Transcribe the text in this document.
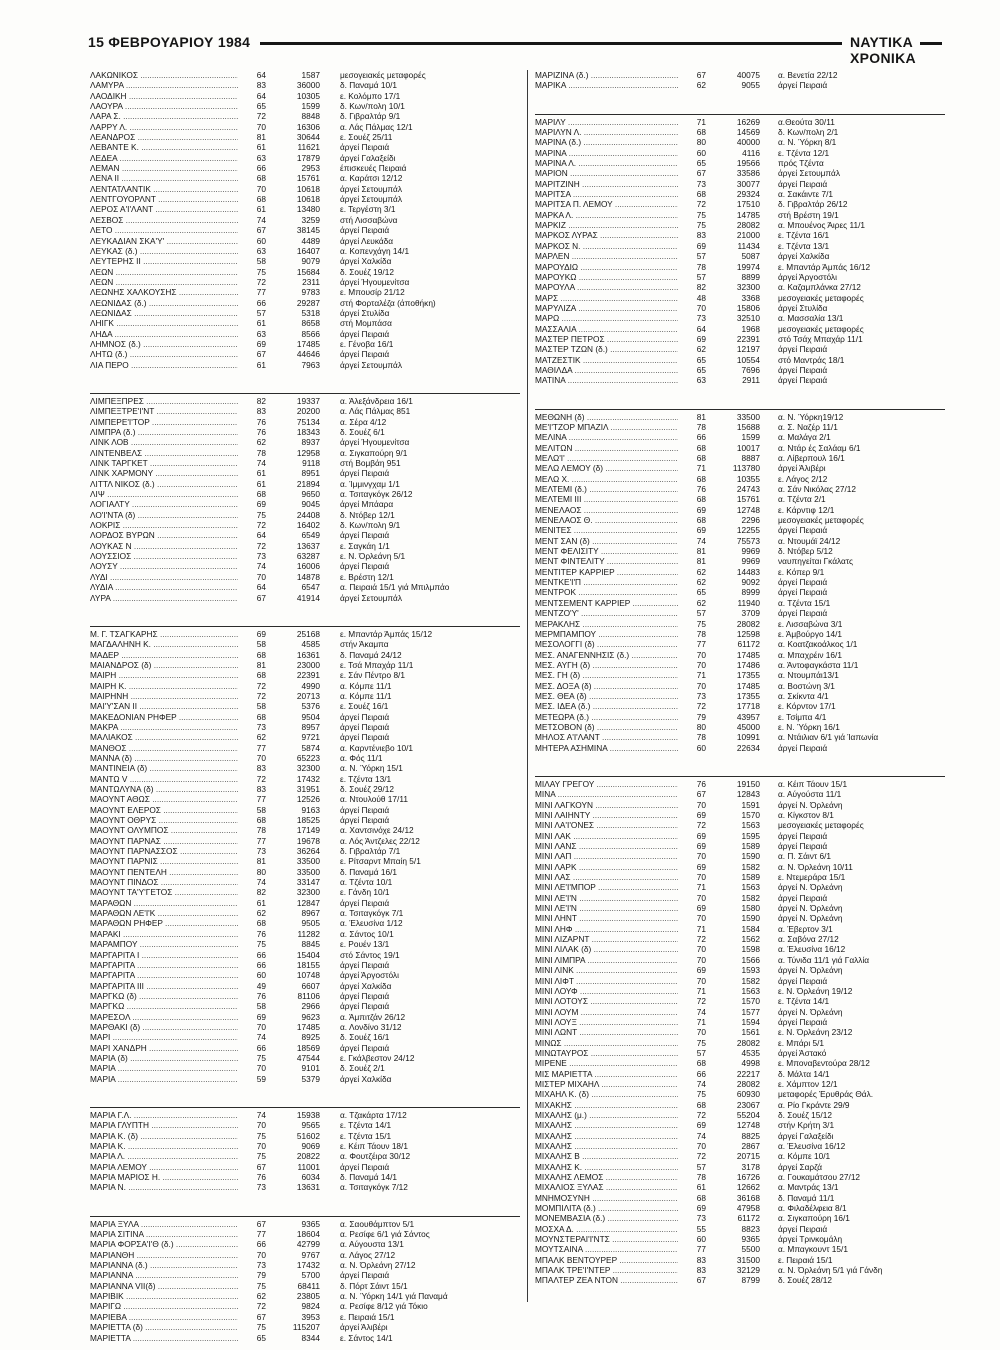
15 ΦΕΒΡΟΥΑΡΙΟΥ 1984	ΝΑΥΤΙΚΑ ΧΡΟΝΙΚΑ
ΛΑΚΩΝΙΚΟΣ .....	64	1587	μεσογειακές μεταφορές
ΛΑΜΥΡΑ .....	83	36000	δ. Παναμά 10/1
ΛΑΟΔΙΚΗ .....	64	10305	ε. Κολόμπο 17/1
ΛΑΟΥΡΑ .....	65	1599	δ. Κων/πολη 10/1
ΛΑΡΑ Σ. .....	72	8848	δ. Γιβραλτάρ 9/1
ΛΑΡΡΥ Λ. .....	70	16306	α. Λάς Πάλμας 12/1
ΛΕΑΝΔΡΟΣ .....	81	30644	ε. Σουέζ 25/11
ΛΕΒΑΝΤΕ Κ. .....	61	11621	άργεί Πειραιά
ΛΕΔΕΑ .....	63	17879	άργεί Γαλαξείδι
ΛΕΜΑΝ .....	66	2953	έπισκευές Πειραιά
ΛΕΝΑ ΙΙ .....	68	15761	α. Καράτσι 12/12
ΛΕΝΤΑΤΛΑΝΤΙΚ .....	70	10618	άργεί Σετουμπάλ
ΛΕΝΤΓΟΥΟΡΛΝΤ .....	68	10618	άργεί Σετουμπάλ
ΛΕΡΟΣ Α'Ι'ΛΑΝΤ .....	61	13480	ε. Τεργέστη 3/1
ΛΕΣΒΟΣ .....	74	3259	στή Λισσαβώνα
ΛΕΤΟ .....	67	38145	άργεί Πειραιά
ΛΕΥΚΑΔΙΑΝ ΣΚΑ'Υ' .....	60	4489	άργεί Λευκάδα
ΛΕΥΚΑΣ (δ.) .....	63	16407	α. Κοπενχάγη 14/1
ΛΕΥΤΕΡΗΣ ΙΙ .....	58	9079	άργεί Χαλκίδα
ΛΕΩΝ .....	75	15684	δ. Σουέζ 19/12
ΛΕΩΝ .....	72	2311	άργεί Ήγουμενίτσα
ΛΕΩΝΗΣ ΧΑΛΚΟΥΣΗΣ .....	77	9783	ε. Μπουσίρ 21/12
ΛΕΩΝΙΔΑΣ (δ.) .....	66	29287	στή Φορταλέζα (άποθήκη)
ΛΕΩΝΙΔΑΣ .....	57	5318	άργεί Στυλίδα
ΛΗΙΓΚ .....	61	8658	στή Μομπάσα
ΛΗΔΑ .....	63	8566	άργεί Πειραιά
ΛΗΜΝΟΣ (δ.) .....	69	17485	ε. Γένοβα 16/1
ΛΗΤΩ (δ.) .....	67	44646	άργεί Πειραιά
ΛΙΑ ΠΕΡΟ .....	61	7963	άργεί Σετουμπάλ
ΛΙΜΠΕΞΠΡΕΣ .....	82	19337	α. Άλεξάνδρεια 16/1
ΛΙΜΠΕΞΤΡΕ'Ι'ΝΤ .....	83	20200	α. Λάς Πάλμας 851
ΛΙΜΠΕΡΕ'Ι'ΤΟΡ .....	76	75134	α. Σέρα 4/12
ΛΙΜΠΡΑ (δ.) .....	76	18343	δ. Σουέζ 6/1
ΛΙΝΚ ΛΟΒ .....	62	8937	άργεί Ήγουμενίτσα
ΛΙΝΤΕΝΒΕΛΣ .....	78	12958	α. Σιγκαπούρη 9/1
ΛΙΝΚ ΤΑΡΓΚΕΤ .....	74	9118	στή Βομβάη 951
ΛΙΝΚ ΧΑΡΜΟΝΥ .....	61	8951	άργεί Πειραιά
ΛΙΤΤΛ ΝΙΚΟΣ (δ.) .....	61	21894	α. Ίμμινγχαμ 1/1
ΛΙΨ .....	68	9650	α. Τσιταγκόγκ 26/12
ΛΟΓΙΑΛΤΥ .....	69	9045	άργεί Μπάαρα
ΛΟ'Ι'ΝΤΑ (δ) .....	75	24408	δ. Ντόβερ 12/1
ΛΟΚΡΙΣ .....	72	16402	δ. Κων/πολη 9/1
ΛΟΡΔΟΣ ΒΥΡΩΝ .....	64	6549	άργεί Πειραιά
ΛΟΥΚΑΣ Ν .....	72	13637	ε. Σαγκάη 1/1
ΛΟΥΣΣΙΟΣ .....	73	63287	ε. Ν. Όρλεάνη 5/1
ΛΟΥΣΥ .....	74	16006	άργεί Πειραιά
ΛΥΔΙ .....	70	14878	ε. Βρέστη 12/1
ΛΥΔΙΑ .....	64	6547	α. Πειραιά 15/1 γιά Μπιλμπάο
ΛΥΡΑ .....	67	41914	άργεί Σετουμπάλ
Μ. Γ. ΤΣΑΓΚΑΡΗΣ .....	69	25168	ε. Μπαντάρ Άμπάς 15/12
ΜΑΓΔΑΛΗΝΗ Κ. .....	58	4585	στήν Άκαμπα
ΜΑΔΕΡ .....	68	16361	δ. Παναμά 24/12
ΜΑΙΑΝΔΡΟΣ (δ) .....	81	23000	ε. Τσά Μπαχάρ 11/1
ΜΑΙΡΗ .....	68	22391	ε. Σάν Πέντρο 8/1
ΜΑΙΡΗ Κ. .....	72	4990	α. Κόμπε 11/1
ΜΑΙΡΗΝΗ .....	72	20713	α. Κόμπε 11/1
ΜΑΙ'Υ'ΣΑΝ ΙΙ .....	58	5376	ε. Σουέζ 16/1
ΜΑΚΕΔΟΝΙΑΝ ΡΗΦΕΡ .....	68	9504	άργεί Πειραιά
ΜΑΚΡΑ .....	73	8957	άργεί Πειραιά
ΜΑΛΙΑΚΟΣ .....	62	9721	άργεί Πειραιά
ΜΑΝΘΟΣ .....	77	5874	α. Καρντένιεβο 10/1
ΜΑΝΝΑ (δ) .....	70	65223	α. Φός 11/1
ΜΑΝΤΙΝΕΙΑ (δ) .....	83	32300	α. Ν. Ύόρκη 15/1
ΜΑΝΤΩ V .....	72	17432	ε. Τζέντα 13/1
ΜΑΝΤΩΛΥΝΑ (δ) .....	83	31951	δ. Σουέζ 29/12
ΜΑΟΥΝΤ ΑΘΩΣ .....	77	12526	α. Ντουλούθ 17/11
ΜΑΟΥΝΤ ΕΛΕΡΟΣ .....	58	9163	άργεί Πειραιά
ΜΑΟΥΝΤ ΟΘΡΥΣ .....	68	18525	άργεί Πειραιά
ΜΑΟΥΝΤ ΟΛΥΜΠΟΣ .....	78	17149	α. Χαντσινόχε 24/12
ΜΑΟΥΝΤ ΠΑΡΝΑΣ .....	77	19678	α. Λός Άντζελες 22/12
ΜΑΟΥΝΤ ΠΑΡΝΑΣΣΟΣ .....	73	36264	δ. Γιβραλτάρ 7/1
ΜΑΟΥΝΤ ΠΑΡΝΙΣ .....	81	33500	ε. Ρίτσαρντ Μπαίη 5/1
ΜΑΟΥΝΤ ΠΕΝΤΕΛΗ .....	80	33500	δ. Παναμά 16/1
ΜΑΟΥΝΤ ΠΙΝΔΟΣ .....	74	33147	α. Τζέντα 10/1
ΜΑΟΥΝΤ ΤΑ'Υ'ΓΕΤΟΣ .....	82	32300	ε. Γάνδη 10/1
ΜΑΡΑΘΩΝ .....	61	12847	άργεί Πειραιά
ΜΑΡΑΘΩΝ ΛΕ'Ι'Κ .....	62	8967	α. Τσιταγκόγκ 7/1
ΜΑΡΑΘΩΝ ΡΗΦΕΡ .....	68	9505	α. Έλευσίνα 1/12
ΜΑΡΑΚΙ .....	76	11282	α. Σάντος 10/1
ΜΑΡΑΜΠΟΥ .....	75	8845	ε. Ρουέν 13/1
ΜΑΡΓΑΡΙΤΑ Ι .....	66	15404	στό Σάντος 19/1
ΜΑΡΓΑΡΙΤΑ .....	66	18155	άργεί Πειραιά
ΜΑΡΓΑΡΙΤΑ .....	60	10748	άργεί Άργοστόλι
ΜΑΡΓΑΡΙΤΑ ΙΙΙ .....	49	6607	άργεί Χαλκίδα
ΜΑΡΓΚΩ (δ) .....	76	81106	άργεί Πειραιά
ΜΑΡΓΚΩ .....	58	2966	άργεί Πειραιά
ΜΑΡΕΣΟΛ .....	69	9623	α. Άμπιτζάν 26/12
ΜΑΡΘΑΚΙ (δ) .....	70	17485	α. Λονδίνο 31/12
ΜΑΡΙ .....	74	8925	δ. Σουέζ 16/1
ΜΑΡΙ ΧΑΝΔΡΗ .....	66	18569	άργεί Πειραιά
ΜΑΡΙΑ (δ) .....	75	47544	ε. Γκάλβεστον 24/12
ΜΑΡΙΑ .....	70	9101	δ. Σουέζ 2/1
ΜΑΡΙΑ .....	59	5379	άργεί Χαλκίδα
ΜΑΡΙΑ Γ.Λ. .....	74	15938	α. Τζακάρτα 17/12
ΜΑΡΙΑ ΓΛΥΠΤΗ .....	70	9565	ε. Τζέντα 14/1
ΜΑΡΙΑ Κ. (δ) .....	75	51602	ε. Τζέντα 15/1
ΜΑΡΙΑ Κ. .....	70	9069	ε. Κέιπ Τάουν 18/1
ΜΑΡΙΑ Λ. .....	75	20822	α. Φουτζέιρα 30/12
ΜΑΡΙΑ ΛΕΜΟΥ .....	67	11001	άργεί Πειραιά
ΜΑΡΙΑ ΜΑΡΙΟΣ Η. .....	76	6034	δ. Παναμά 14/1
ΜΑΡΙΑ Ν. .....	73	13631	α. Τσιταγκόγκ 7/12
ΜΑΡΙΑ ΞΥΛΑ .....	67	9365	α. Σαουθάμπτον 5/1
ΜΑΡΙΑ ΣΙΤΙΝΑ .....	77	18604	α. Ρεσίφε 6/1 γιά Σάντος
ΜΑΡΙΑ ΦΟΡΣΑ'Ι'Θ (δ.) .....	66	42799	α. Αύγουστα 13/1
ΜΑΡΙΑΝΘΗ .....	70	9767	α. Λάγος 27/12
ΜΑΡΙΑΝΝΑ (δ.) .....	73	17432	α. Ν. Όρλεάνη 27/12
ΜΑΡΙΑΝΝΑ .....	79	5700	άργεί Πειραιά
ΜΑΡΙΑΝΝΑ VII(δ) .....	75	68411	δ. Πόρτ Σάιντ 15/1
ΜΑΡΙΒΙΚ .....	62	23805	α. Ν. Ύόρκη 14/1 γιά Παναμά
ΜΑΡΙΓΩ .....	72	9824	α. Ρεσίφε 8/12 γιά Τόκιο
ΜΑΡΙΕΒΑ .....	67	3953	ε. Πειραιά 15/1
ΜΑΡΙΕΤΤΑ (δ) .....	75	115207	άργεί Άλιβέρι
ΜΑΡΙΕΤΤΑ .....	65	8344	ε. Σάντος 14/1
ΜΑΡΙΖΙΝΑ (δ.) .....	67	40075	α. Βενετία 22/12
ΜΑΡΙΚΑ .....	62	9055	άργεί Πειραιά
ΜΑΡΙΛΥ .....	71	16269	α.Θεούτα 30/11
ΜΑΡΙΛΥΝ Λ. .....	68	14569	δ. Κων/πολη 2/1
ΜΑΡΙΝΑ (δ.) .....	80	40000	α. Ν. Ύόρκη 8/1
ΜΑΡΙΝΑ .....	60	4116	ε. Τζέντα 12/1
ΜΑΡΙΝΑ Λ. .....	65	19566	πρός Τζέντα
ΜΑΡΙΟΝ .....	67	33586	άργεί Σετουμπάλ
ΜΑΡΙΤΖΙΝΗ .....	73	30077	άργεί Πειραιά
ΜΑΡΙΤΣΑ .....	68	29324	α. Σακάιντε 7/1
ΜΑΡΙΤΣΑ Π. ΛΕΜΟΥ .....	72	17510	δ. Γιβραλτάρ 26/12
ΜΑΡΚΑ Λ. .....	75	14785	στή Βρέστη 19/1
ΜΑΡΚΙΖ .....	75	28082	α. Μπουένος Άιρες 11/1
ΜΑΡΚΟΣ ΛΥΡΑΣ .....	83	21000	ε. Τζέντα 16/1
ΜΑΡΚΟΣ Ν. .....	69	11434	ε. Τζέντα 13/1
ΜΑΡΛΕΝ .....	57	5087	άργεί Χαλκίδα
ΜΑΡΟΥΔΙΩ .....	78	19974	ε. Μπαντάρ Άμπάς 16/12
ΜΑΡΟΥΚΩ .....	57	8899	άργεί Άργοστόλι
ΜΑΡΟΥΛΑ .....	82	32300	α. Καζαμπλάνκα 27/12
ΜΑΡΣ .....	48	3368	μεσογειακές μεταφορές
ΜΑΡΥΛΙΖΑ .....	70	15806	άργεί Στυλίδα
ΜΑΡΩ .....	73	32510	α. Μασσαλία 13/1
ΜΑΣΣΑΛΙΑ .....	64	1968	μεσογειακές μεταφορές
ΜΑΣΤΕΡ ΠΕΤΡΟΣ .....	69	22391	στό Τσάχ Μπαχάρ 11/1
ΜΑΣΤΕΡ ΤΖΩΝ (δ.) .....	62	12197	άργεί Πειραιά
ΜΑΤΖΕΣΤΙΚ .....	65	10554	στό Μαντράς 18/1
ΜΑΘΙΛΔΑ .....	65	7696	άργεί Πειραιά
ΜΑΤΙΝΑ .....	63	2911	άργεί Πειραιά
ΜΕΘΩΝΗ (δ) .....	81	33500	α. Ν. Ύόρκη19/12
ΜΕ'Ι'ΤΖΟΡ ΜΠΑΖΙΛ .....	78	15688	α. Σ. Ναζέρ 11/1
ΜΕΛΙΝΑ .....	66	1599	α. Μαλάγα 2/1
ΜΕΛΙΤΩΝ .....	68	10017	α. Ντάρ ές Σαλάαμ 6/1
ΜΕΛΩ'Ι' .....	68	8887	α. Λίβερπουλ 16/1
ΜΕΛΩ ΛΕΜΟΥ (δ) .....	71	113780	άργεί Άλιβέρι
ΜΕΛΩ Χ. .....	68	10355	ε. Λάγος 2/12
ΜΕΛΤΕΜΙ (δ.) .....	76	24743	α. Σάν Νικόλας 27/12
ΜΕΛΤΕΜΙ ΙΙΙ .....	68	15761	α. Τζέντα 2/1
ΜΕΝΕΛΑΟΣ .....	69	12748	ε. Κάρντιφ 12/1
ΜΕΝΕΛΑΟΣ Θ. .....	68	2296	μεσογειακές μεταφορές
ΜΕΝΙΤΕΣ .....	69	12255	άργεί Πειραιά
ΜΕΝΤ ΣΑΝ (δ) .....	74	75573	α. Ντουμάϊ 24/12
ΜΕΝΤ ΦΕΛΙΣΙΤΥ .....	81	9969	δ. Ντόβερ 5/12
ΜΕΝΤ ΦΙΝΤΕΛΙΤΥ .....	81	9969	ναυπηγείται Γκάλατς
ΜΕΝΤΙΤΕΡ ΚΑΡΡΙΕΡ .....	62	14483	ε. Κόπερ 9/1
ΜΕΝΤΚΕ'Ι'Π .....	62	9092	άργεί Πειραιά
ΜΕΝΤΡΟΚ .....	65	8999	άργεί Πειραιά
ΜΕΝΤΣΕΜΕΝΤ ΚΑΡΡΙΕΡ .....	62	11940	α. Τζέντα 15/1
ΜΕΝΤΖΟ'Υ' .....	57	3709	άργεί Πειραιά
ΜΕΡΑΚΛΗΣ .....	75	28082	ε. Λισσαβώνα 3/1
ΜΕΡΜΠΑΜΠΟΥ .....	78	12598	ε. Άμβούργο 14/1
ΜΕΣΟΛΟΓΓΙ (δ) .....	77	61172	α. Κοατζακοάλκος 1/1
ΜΕΣ. ΑΝΑΓΕΝΝΗΣΙΣ (δ.) .....	70	17485	α. Μπαχρέιν 16/1
ΜΕΣ. ΑΥΓΗ (δ) .....	70	17486	α. Άντοφαγκάστα 11/1
ΜΕΣ. ΓΗ (δ) .....	71	17355	α. Ντουμπάι13/1
ΜΕΣ. ΔΟΞΑ (δ) .....	70	17485	α. Βοστώνη 3/1
ΜΕΣ. ΘΕΑ (δ) .....	73	17355	α. Σκίκντα 4/1
ΜΕΣ. ΙΔΕΑ (δ.) .....	72	17718	ε. Κόρντον 17/1
ΜΕΤΕΩΡΑ (δ.) .....	79	43957	ε. Τσίμπα 4/1
ΜΕΤΣΟΒΟΝ (δ) .....	80	45000	ε. Ν. Ύόρκη 16/1
ΜΗΛΟΣ Α'Ι'ΛΑΝΤ .....	78	10991	α. Ντάιλιαν 6/1 γιά Ίαπωνία
ΜΗΤΕΡΑ ΑΣΗΜΙΝΑ .....	60	22634	άργεί Πειραιά
ΜΙΛΑΥ ΓΡΕΓΟΥ .....	76	19150	α. Κέιπ Τάουν 15/1
ΜΙΝΑ .....	67	12843	α. Αύγούστα 11/1
ΜΙΝΙ ΛΑΓΚΟΥΝ .....	70	1591	άργεί Ν. Όρλεάνη
ΜΙΝΙ ΛΑΙΗΝΤΥ .....	69	1570	α. Κίγκστον 8/1
ΜΙΝΙ ΛΑ'Ι'ΟΝΕΣ .....	72	1563	μεσογειακές μεταφορές
ΜΙΝΙ ΛΑΚ .....	69	1595	άργεί Πειραιά
ΜΙΝΙ ΛΑΝΣ .....	69	1589	άργεί Πειραιά
ΜΙΝΙ ΛΑΠ .....	70	1590	α. Π. Σάιντ 6/1
ΜΙΝΙ ΛΑΡΚ .....	69	1582	α. Ν. Όρλεάνη 10/11
ΜΙΝΙ ΛΑΣ .....	70	1589	ε. Ντεμεράρα 15/1
ΜΙΝΙ ΛΕ'Ι'ΜΠΟΡ .....	71	1563	άργεί Ν. Όρλεάνη
ΜΙΝΙ ΛΕ'Ι'Ν .....	70	1582	άργεί Πειραιά
ΜΙΝΙ ΛΕ'Ι'Ν .....	69	1580	άργεί Ν. Όρλεάνη
ΜΙΝΙ ΛΗΝΤ .....	70	1590	άργεί Ν. Όρλεάνη
ΜΙΝΙ ΛΗΦ .....	71	1584	α. Έβερτον 3/1
ΜΙΝΙ ΛΙΖΑΡΝΤ .....	72	1562	α. Σαβόνα 27/12
ΜΙΝΙ ΛΙΛΑΚ (δ) .....	70	1598	α. Έλευσίνα 16/12
ΜΙΝΙ ΛΙΜΠΡΑ .....	70	1566	α. Τύνιδα 11/1 γιά Γαλλία
ΜΙΝΙ ΛΙΝΚ .....	69	1593	άργεί Ν. Όρλεάνη
ΜΙΝΙ ΛΙΦΤ .....	70	1582	άργεί Πειραιά
ΜΙΝΙ ΛΟΥΦ .....	71	1563	ε. Ν. Όρλεάνη 19/12
ΜΙΝΙ ΛΟΤΟΥΣ .....	72	1570	ε. Τζέντα 14/1
ΜΙΝΙ ΛΟΥΜ .....	74	1577	άργεί Ν. Όρλεάνη
ΜΙΝΙ ΛΟΥΞ .....	71	1594	άργεί Πειραιά
ΜΙΝΙ ΛΩΝΤ .....	70	1561	ε. Ν. Όρλεάνη 23/12
ΜΙΝΩΣ .....	75	28082	ε. Μπάρι 5/1
ΜΙΝΩΤΑΥΡΟΣ .....	57	4535	άργεί Άστακό
ΜΙΡΕΝΕ .....	68	4998	ε. Μποναβεντούρα 28/12
ΜΙΣ ΜΑΡΙΕΤΤΑ .....	66	22217	δ. Μάλτα 14/1
ΜΙΣΤΕΡ ΜΙΧΑΗΛ .....	74	28082	ε. Χάμπτον 12/1
ΜΙΧΑΗΛ Κ. (δ) .....	75	60930	μεταφορές Έρυθράς Θάλ.
ΜΙΧΑΚΗΣ .....	68	23067	α. Ρίο Γκράντε 29/9
ΜΙΧΑΛΗΣ (μ.) .....	72	55204	δ. Σουέζ 15/12
ΜΙΧΑΛΗΣ .....	69	12748	στήν Κρήτη 3/1
ΜΙΧΑΛΗΣ .....	74	8825	άργεί Γαλαξείδι
ΜΙΧΑΛΗΣ .....	70	2867	α. Έλευσίνα 16/12
ΜΙΧΑΛΗΣ Β .....	72	20715	α. Κόμπε 10/1
ΜΙΧΑΛΗΣ Κ. .....	57	3178	άργεί Σαρζά
ΜΙΧΑΛΗΣ ΛΕΜΟΣ .....	78	16726	α. Γουκαμάτσου 27/12
ΜΙΧΑΛΙΟΣ ΞΥΛΑΣ .....	61	12662	α. Μαντράς 13/1
ΜΝΗΜΟΣΥΝΗ .....	68	36168	δ. Παναμά 11/1
ΜΟΜΠΙΛΙΤΑ (δ.) .....	69	47958	α. Φιλαδέλφεια 8/1
ΜΟΝΕΜΒΑΣΙΑ (δ.) .....	73	61172	α. Σιγκαπούρη 16/1
ΜΟΣΧΑ Δ. .....	55	8823	άργεί Πειραιά
ΜΟΥΝΣΤΕΡΑΙ'Ι'ΝΤΣ .....	60	9365	άργεί Τρινκομάλη
ΜΟΥΤΣΑΙΝΑ .....	77	5500	α. Μπαγκουντ 15/1
ΜΠΑΛΚ ΒΕΝΤΟΥΡΕΡ .....	83	31500	ε. Πειραιά 15/1
ΜΠΑΛΚ ΤΡΕ'Ι'ΝΤΕΡ .....	83	32129	α. Ν. Όρλεάνη 5/1 γιά Γάνδη
ΜΠΑΛΤΕΡ ΖΕΑ ΝΤΟΝ .....	67	8799	δ. Σουέζ 28/12
